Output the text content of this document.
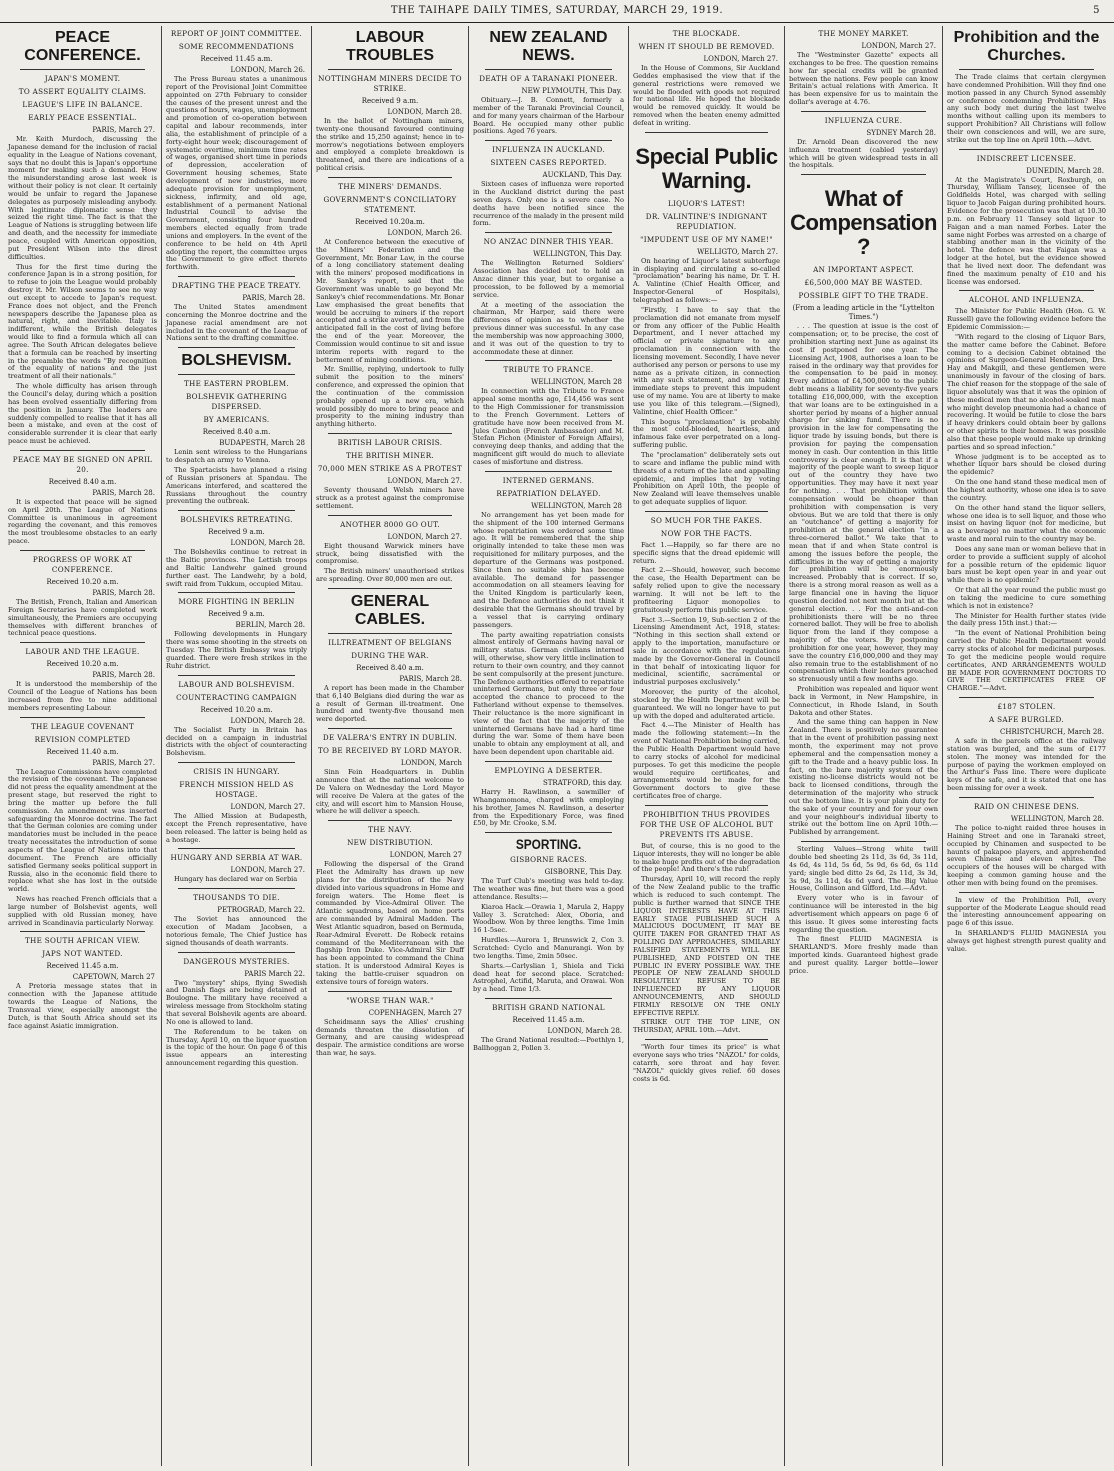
THE TAIHAPE DAILY TIMES, SATURDAY, MARCH 29, 1919.	5
PEACE CONFERENCE.
JAPAN'S MOMENT.
TO ASSERT EQUALITY CLAIMS.
LEAGUE'S LIFE IN BALANCE.
EARLY PEACE ESSENTIAL.
PARIS, March 27.
Mr. Keith Murdoch, discussing the Japanese demand for the inclusion of racial equality in the League of Nations covenant, says that no doubt this is Japan's opportune moment for making such a demand. How the misunderstanding arose last week is without their policy is not clear. It certainly would be unfair to regard the Japanese delegates as purposely misleading anybody. With legitimate diplomatic sense they seized the right time. The fact is that the League of Nations is struggling between life and death, and the necessity for immediate peace, coupled with American opposition, put President Wilson into the direst difficulties.
Thus for the first time during the conference Japan is in a strong position, for to refuse to join the League would probably destroy it. Mr. Wilson seems to see no way out except to accede to Japan's request. France does not object, and the French newspapers describe the Japanese plea as natural, right, and inevitable. Italy is indifferent, while the British delegates would like to find a formula which all can agree. The South African delegates believe that a formula can be reached by inserting in the preamble the words "By recognition of the equality of nations and the just treatment of all their nationals."
The whole difficulty has arisen through the Council's delay, during which a position has been evolved essentially differing from the position in January. The leaders are suddenly compelled to realise that it has all been a mistake, and even at the cost of considerable surrender it is clear that early peace must be achieved.
PEACE MAY BE SIGNED ON APRIL 20.
Received 8.40 a.m.
PARIS, March 28.
It is expected that peace will be signed on April 20th. The League of Nations Committee is unanimous in agreement regarding the covenant, and this removes the most troublesome obstacles to an early peace.
PROGRESS OF WORK AT CONFERENCE.
Received 10.20 a.m.
PARIS, March 28.
The British, French, Italian and American Foreign Secretaries have completed work simultaneously, the Premiers are occupying themselves with different branches of technical peace questions.
LABOUR AND THE LEAGUE.
Received 10.20 a.m.
PARIS, March 28.
It is understood the membership of the Council of the League of Nations has been increased from five to nine additional members representing Labour.
THE LEAGUE COVENANT
REVISION COMPLETED
Received 11.40 a.m.
PARIS, March 27.
The League Commissions have completed the revision of the covenant. The Japanese did not press the equality amendment at the present stage, but reserved the right to bring the matter up before the full commission. An amendment was inserted safeguarding the Monroe doctrine. The fact that the German colonies are coming under mandatories must be included in the peace treaty necessitates the introduction of some aspects of the League of Nations into that document. The French are officially satisfied Germany seeks political support in Russia, also in the economic field there to replace what she has lost in the outside world.
News has reached French officials that a large number of Bolshevist agents, well supplied with old Russian money, have arrived in Scandinavia particularly Norway.
THE SOUTH AFRICAN VIEW.
JAPS NOT WANTED.
Received 11.45 a.m.
CAPETOWN, March 27
A Pretoria message states that in connection with the Japanese attitude towards the League of Nations, the Transvaal view, especially amongst the Dutch, is that South Africa should set its face against Asiatic immigration.
REPORT OF JOINT COMMITTEE.
SOME RECOMMENDATIONS
Received 11.45 a.m.
LONDON, March 26.
The Press Bureau states a unanimous report of the Provisional Joint Committee appointed on 27th February to consider the causes of the present unrest and the questions of hours, wages, unemployment and promotion of co-operation between capital and labour recommends, inter alia, the establishment of principle of a forty-eight hour week; discouragement of systematic overtime, minimum time rates of wages, organised short time in periods of depression, acceleration of Government housing schemes, State development of new industries, more adequate provision for unemployment, sickness, infirmity, and old age, establishment of a permanent National Industrial Council to advise the Government, consisting four hundred members elected equally from trade unions and employers. In the event of the conference to be held on 4th April adopting the report, the committee urges the Government to give effect thereto forthwith.
DRAFTING THE PEACE TREATY.
PARIS, March 28.
The United States amendment concerning the Monroe doctrine and the Japanese racial amendment are not included in the covenant of the League of Nations sent to the drafting committee.
BOLSHEVISM.
THE EASTERN PROBLEM.
BOLSHEVIK GATHERING DISPERSED.
BY AMERICANS.
Received 8.40 a.m.
BUDAPESTH, March 28
Lenin sent wireless to the Hungarians to despatch an army to Vienna.
The Spartacists have planned a rising of Russian prisoners at Spandau. The Americans interfered, and scattered the Russians throughout the country preventing the outbreak.
BOLSHEVIKS RETREATING.
Received 9 a.m.
LONDON, March 28.
The Bolsheviks continue to retreat in the Baltic provinces. The Lettish troops and Baltic Landwehr gained ground further east. The Landwehr, by a bold, swift raid from Tukkum, occupied Mitau.
MORE FIGHTING IN BERLIN
Received 9 a.m.
BERLIN, March 28.
Following developments in Hungary there was some shooting in the streets on Tuesday. The British Embassy was triply guarded. There were fresh strikes in the Ruhr district.
LABOUR AND BOLSHEVISM.
COUNTERACTING CAMPAIGN
Received 10.20 a.m.
LONDON, March 28.
The Socialist Party in Britain has decided on a campaign in industrial districts with the object of counteracting Bolshevism.
CRISIS IN HUNGARY.
FRENCH MISSION HELD AS HOSTAGE.
LONDON, March 27.
The Allied Mission at Budapesth, except the French representative, have been released. The latter is being held as a hostage.
HUNGARY AND SERBIA AT WAR.
LONDON, March 27.
Hungary has declared war on Serbia
THOUSANDS TO DIE.
PETROGRAD, March 22.
The Soviet has announced the execution of Madam Jacobsen, a notorious female, The Chief Justice has signed thousands of death warrants.
DANGEROUS MYSTERIES.
PARIS March 22.
Two "mystery" ships, flying Swedish and Danish flags are being detained at Boulogne. The military have received a wireless message from Stockholm stating that several Bolshevik agents are aboard. No one is allowed to land.
The Referendum to be taken on Thursday, April 10, on the liquor question is the topic of the hour. On page 6 of this issue appears an interesting announcement regarding this question.
LABOUR TROUBLES
NOTTINGHAM MINERS DECIDE TO STRIKE.
Received 9 a.m.
LONDON, March 28.
In the ballot of Nottingham miners, twenty-one thousand favoured continuing the strike and 15,250 against; hence in to-morrow's negotiations between employers and employed a complete breakdown is threatened, and there are indications of a political crisis.
THE MINERS' DEMANDS.
GOVERNMENT'S CONCILIATORY STATEMENT.
Received 10.20a.m.
LONDON, March 26.
At Conference between the executive of the Miners' Federation and the Government, Mr. Bonar Law, in the course of a long conciliatory statement dealing with the miners' proposed modifications in Mr. Sankey's report, said that the Government was unable to go beyond Mr. Sankey's chief recommendations. Mr. Bonar Law emphasised the great benefits that would be accruing to miners if the report accepted and a strike averted, and from the anticipated fall in the cost of living before the end of the year. Moreover, the Commission would continue to sit and issue interim reports with regard to the betterment of mining conditions.
Mr. Smillie, replying, undertook to fully submit the position to the miners' conference, and expressed the opinion that the continuation of the commission probably opened up a new era, which would possibly do more to bring peace and prosperity to the mining industry than anything hitherto.
BRITISH LABOUR CRISIS.
THE BRITISH MINER.
70,000 MEN STRIKE AS A PROTEST
LONDON, March 27.
Seventy thousand Welsh miners have struck as a protest against the compromise settlement.
ANOTHER 8000 GO OUT.
LONDON, March 27.
Eight thousand Warwick miners have struck, being dissatisfied with the compromise.
The British miners' unauthorised strikes are spreading. Over 80,000 men are out.
GENERAL CABLES.
ILLTREATMENT OF BELGIANS
DURING THE WAR.
Received 8.40 a.m.
PARIS, March 28.
A report has been made in the Chamber that 6,140 Belgians died during the war as a result of German ill-treatment. One hundred and twenty-five thousand men were deported.
DE VALERA'S ENTRY IN DUBLIN.
TO BE RECEIVED BY LORD MAYOR.
LONDON, March
Sinn Fein Headquarters in Dublin announce that at the national welcome to De Valera on Wednesday the Lord Mayor will receive De Valera at the gates of the city, and will escort him to Mansion House, where he will deliver a speech.
THE NAVY.
NEW DISTRIBUTION.
LONDON, March 27
Following the dispersal of the Grand Fleet the Admiralty has drawn up new plans for the distribution of the Navy divided into various squadrons in Home and foreign waters. The Home fleet is commanded by Vice-Admiral Oliver. The Atlantic squadrons, based on home ports are commanded by Admiral Madden. The West Atlantic squadron, based on Bermuda, Rear-Admiral Everett. De Robeck retains command of the Mediterranean with the flagship Iron Duke. Vice-Admiral Sir Duff has been appointed to command the China station. It is understood Admiral Keyes is taking the battle-cruiser squadron on extensive tours of foreign waters.
"WORSE THAN WAR."
COPENHAGEN, March 27
Scheidmann says the Allies' crushing demands threaten the dissolution of Germany, and are causing widespread despair. The armistice conditions are worse than war, he says.
NEW ZEALAND NEWS.
DEATH OF A TARANAKI PIONEER.
NEW PLYMOUTH, This Day.
Obituary.—J. B. Connett, formerly a member of the Taranaki Provincial Council, and for many years chairman of the Harbour Board. He occupied many other public positions. Aged 76 years.
INFLUENZA IN AUCKLAND.
SIXTEEN CASES REPORTED.
AUCKLAND, This Day.
Sixteen cases of influenza were reported in the Auckland district during the past seven days. Only one is a severe case. No deaths have been notified since the recurrence of the malady in the present mild form.
NO ANZAC DINNER THIS YEAR.
WELLINGTON, This Day.
The Wellington Returned Soldiers' Association has decided not to hold an Anzac dinner this year, but to organise a procession, to be followed by a memorial service.
At a meeting of the association the chairman, Mr Harper, said there were differences of opinion as to whether the previous dinner was successful. In any case the membership was now approaching 3000, and it was out of the question to try to accommodate these at dinner.
TRIBUTE TO FRANCE.
WELLINGTON, March 28
In connection with the Tribute to France appeal some months ago, £14,456 was sent to the High Commissioner for transmission to the French Government. Letters of gratitude have now been received from M. Jules Cambon (French Ambassador) and M. Stefan Pichon (Minister of Foreign Affairs), conveying deep thanks, and adding that the magnificent gift would do much to alleviate cases of misfortune and distress.
INTERNED GERMANS.
REPATRIATION DELAYED.
WELLINGTON, March 28
No arrangement has yet been made for the shipment of the 100 interned Germans whose repatriation was ordered some time ago. It will be remembered that the ship originally intended to take these men was requisitioned for military purposes, and the departure of the Germans was postponed. Since then no suitable ship has become available. The demand for passenger accommodation on all steamers leaving for the United Kingdom is particularly keen, and the Defence authorities do not think it desirable that the Germans should travel by a vessel that is carrying ordinary passengers.
The party awaiting repatriation consists almost entirely of Germans having naval or military status. German civilians interned will, otherwise, show very little inclination to return to their own country, and they cannot be sent compulsorily at the present juncture. The Defence authorities offered to repatriate uninterned Germans, but only three or four accepted the chance to proceed to the Fatherland without expense to themselves. Their reluctance is the more significant in view of the fact that the majority of the uninterned Germans have had a hard time during the war. Some of them have been unable to obtain any employment at all, and have been dependent upon charitable aid.
EMPLOYING A DESERTER.
STRATFORD, this day.
Harry H. Rawlinson, a sawmiller of Whangamomona, charged with employing his brother, James N. Rawlinson, a deserter from the Expeditionary Force, was fined £50, by Mr. Crooke, S.M.
SPORTING.
GISBORNE RACES.
GISBORNE, This Day.
The Turf Club's meeting was held to-day. The weather was fine, but there was a good attendance. Results:—
Kiaroa Hack.—Orawia 1, Marula 2, Happy Valley 3. Scratched: Alex, Oboria, and Woodbow. Won by three lengths. Time 1min 16 1-5sec.
Hurdles.—Aurora 1, Brunswick 2, Con 3. Scratched: Cyclo and Manurangi. Won by two lengths. Time, 2min 50sec.
Sharts.—Carlyslian 1, Shiela and Ticki dead heat for second place. Scratched: Astrophel, Actifid, Maruta, and Orawai. Won by a head. Time 1/3.
BRITISH GRAND NATIONAL
Received 11.45 a.m.
LONDON, March 28.
The Grand National resulted:—Poethlyn 1, Ballhoggan 2, Pollen 3.
THE BLOCKADE.
WHEN IT SHOULD BE REMOVED.
LONDON, March 27.
In the House of Commons, Sir Auckland Geddes emphasised the view that if the general restrictions were removed we would be flooded with goods not required for national life. He hoped the blockade would be removed quickly. It would be removed when the beaten enemy admitted defeat in writing.
Special Public Warning.
LIQUOR'S LATEST!
DR. VALINTINE'S INDIGNANT REPUDIATION.
"IMPUDENT USE OF MY NAME!"
WELLIGTO, March 27.
On hearing of Liquor's latest subterfuge in displaying and circulating a so-called "proclamation" bearing his name, Dr. T. H. A. Valintine (Chief Health Officer, and Inspector-General of Hospitals), telegraphed as follows:—
"Firstly, I have to say that the proclamation did not emanate from myself or from any officer of the Public Health Department, and I never attached my official or private signature to any proclamation in connection with the licensing movement. Secondly, I have never authorised any person or persons to use my name as a private citizen, in connection with any such statement, and am taking immediate steps to prevent this impudent use of my name. You are at liberty to make use you like of this telegram.—(Signed), Valintine, chief Health Officer."
This bogus "proclamation" is probably the most cold-blooded, heartless, and infamous fake ever perpetrated on a long-suffering public.
The "proclamation" deliberately sets out to scare and inflame the public mind with threats of a return of the late and appalling epidemic, and implies that by voting Prohibition on April 10th, the people of New Zealand will leave themselves unable to get adequate supplies of liquor.
SO MUCH FOR THE FAKES.
NOW FOR THE FACTS.
Fact 1.—Happily, so far there are no specific signs that the dread epidemic will return.
Fact 2.—Should, however, such become the case, the Health Department can be safely relied upon to give the necessary warning. It will not be left to the profiteering Liquor monopolies to gratuitously perform this public service.
Fact 3.—Section 19, Sub-section 2 of the Licensing Amendment Act, 1918, states: "Nothing in this section shall extend or apply to the importation, manufacture or sale in accordance with the regulations made by the Governor-General in Council in that behalf of intoxicating liquor for medicinal, scientific, sacramental or industrial purposes exclusively."
Moreover, the purity of the alcohol, stocked by the Health Department will be guaranteed. We will no longer have to put up with the doped and adulterated article.
Fact 4.—The Minister of Health has made the following statement:—In the event of National Prohibition being carried, the Public Health Department would have to carry stocks of alcohol for medicinal purposes. To get this medicine the people would require certificates, and arrangements would be made for the Government doctors to give these certificates free of charge.
PROHIBITION THUS PROVIDES FOR THE USE OF ALCOHOL BUT PREVENTS ITS ABUSE.
But, of course, this is no good to the Liquor interests, they will no longer be able to make huge profits out of the degradation of the people! And there's the rub!
Thursday, April 10, will record the reply of the New Zealand public to the traffic which is reduced to such contempt. The public is further warned that SINCE THE LIQUOR INTERESTS HAVE AT THIS EARLY STAGE PUBLISHED SUCH A MALICIOUS DOCUMENT, IT MAY BE QUITE TAKEN FOR GRANTED THAT AS POLLING DAY APPROACHES, SIMILARLY FALSIFIED STATEMENTS WILL BE PUBLISHED, AND FOISTED ON THE PUBLIC IN EVERY POSSIBLE WAY. THE PEOPLE OF NEW ZEALAND SHOULD RESOLUTELY REFUSE TO BE INFLUENCED BY ANY LIQUOR ANNOUNCEMENTS, AND SHOULD FIRMLY RESOLVE ON THE ONLY EFFECTIVE REPLY.
STRIKE OUT THE TOP LINE, ON THURSDAY, APRIL 10th.—Advt.
"Worth four times its price" is what everyone says who tries "NAZOL" for colds, catarrh, sore throat and hay fever. "NAZOL" quickly gives relief. 60 doses costs is 6d.
THE MONEY MARKET.
LONDON, March 27.
The "Westminster Gazette" expects all exchanges to be free. The question remains how far special credits will be granted between the nations. Few people can know Britain's actual relations with America. It has been expensive for us to maintain the dollar's average at 4.76.
INFLUENZA CURE.
SYDNEY March 28.
Dr. Arnold Dean discovered the new influenza treatment (cabled yesterday) which will be given widespread tests in all the hospitals.
What of Compensation ?
AN IMPORTANT ASPECT.
£6,500,000 MAY BE WASTED.
POSSIBLE GIFT TO THE TRADE.
(From a leading article in the "Lyttelton Times.")
. . . The question at issue is the cost of compensation; or, to be precise, the cost of prohibition starting next June as against its cost if postponed for one year. The Licensing Act, 1908, authorises a loan to be raised in the ordinary way that provides for the compensation to be paid in money. Every addition of £4,500,000 to the public debt means a liability for seventy-five years totalling £16,000,000, with the exception that war loans are to be extinguished in a shorter period by means of a higher annual charge for sinking fund. There is no provision in the law for compensating the liquor trade by issuing bonds, but there is provision for paying the compensation money in cash. Our contention in this little controversy is clear enough. It is that if a majority of the people want to sweep liquor out of the country they have two opportunities. They may have it next year for nothing. . . That prohibition without compensation would be cheaper than prohibition with compensation is very obvious. But we are told that there is only an "outchance" of getting a majority for prohibition at the general election "in a three-cornered ballot." We take that to mean that if and when State control is among the issues before the people, the difficulties in the way of getting a majority for prohibition will be enormously increased. Probably that is correct. If so, there is a strong moral reason as well as a large financial one in having the liquor question decided not next month but at the general election. . . For the anti-and-con prohibitionists there will be no three cornered ballot. They will be free to abolish liquor from the land if they compose a majority of the voters. By postponing prohibition for one year, however, they may save the country £16,000,000 and they may also remain true to the establishment of no compensation which their leaders preached so strenuously until a few months ago.
Prohibition was repealed and liquor went back in Vermont, in New Hampshire, in Connecticut, in Rhode Island, in South Dakota and other States.
And the same thing can happen in New Zealand. There is positively no guarantee that in the event of prohibition passing next month, the experiment may not prove ephemeral and the compensation money a gift to the Trade and a heavy public loss. In fact, on the bare majority system of the existing no-license districts would not be back to licensed conditions, through the determination of the majority who struck out the bottom line. It is your plain duty for the sake of your country and for your own and your neighbour's individual liberty to strike out the bottom line on April 10th.—Published by arrangement.
Sterling Values—Strong white twill double bed sheeting 2s 11d, 3s 6d, 3s 11d, 4s 6d, 4s 11d, 5s 6d, 5s 9d, 6s 6d, 6s 11d yard; single bed ditto 2s 6d, 2s 11d, 3s 3d, 3s 9d, 3s 11d, 4s 6d yard. The Big Value House, Collinson and Gifford, Ltd.—Advt.
Every voter who is in favour of continuance will be interested in the big advertisement which appears on page 6 of this issue. It gives some interesting facts regarding the question.
The finest FLUID MAGNESIA is SHARLAND'S. More freshly made than imported kinds. Guaranteed highest grade and purest quality. Larger bottle—lower price.
Prohibition and the Churches.
The Trade claims that certain clergymen have condemned Prohibition. Will they find one motion passed in any Church Synod assembly or conference condemning Prohibition? Has any such body met during the last twelve months without calling upon its members to support Prohibition? All Christians will follow their own consciences and will, we are sure, strike out the top line on April 10th.—Advt.
INDISCREET LICENSEE.
DUNEDIN, March 28.
At the Magistrate's Court, Roxburgh, on Thursday, William Tansey, licensee of the Goldfields Hotel, was charged with selling liquor to Jacob Faigan during prohibited hours. Evidence for the prosecution was that at 10.30 p.m. on February 11 Tansey sold liquor to Faigan and a man named Forbes. Later the same night Forbes was arrested on a charge of stabbing another man in the vicinity of the hotel. The defence was that Faigan was a lodger at the hotel, but the evidence showed that he lived next door. The defendant was fined the maximum penalty of £10 and his license was endorsed.
ALCOHOL AND INFLUENZA.
The Minister for Public Health (Hon. G. W. Russell) gave the following evidence before the Epidemic Commission:—
"With regard to the closing of Liquor Bars, the matter came before the Cabinet. Before coming to a decision Cabinet obtained the opinions of Surgeon-General Henderson, Drs. Hay and Makgill, and these gentlemen were unanimously in favour of the closing of bars. The chief reason for the stoppage of the sale of liquor absolutely was that it was the opinion of these medical men that no alcohol-soaked man who might develop pneumonia had a chance of recovering. It would be futile to close the bars if heavy drinkers could obtain beer by gallons or other spirits to their homes. It was possible also that these people would make up drinking parties and so spread infection."
Whose judgment is to be accepted as to whether liquor bars should be closed during the epidemic?
On the one hand stand these medical men of the highest authority, whose one idea is to save the country.
On the other hand stand the liquor sellers, whose one idea is to sell liquor, and those who insist on having liquor (not for medicine, but as a beverage) no matter what the economic waste and moral ruin to the country may be.
Does any sane man or woman believe that in order to provide a sufficient supply of alcohol for a possible return of the epidemic liquor bars must be kept open year in and year out while there is no epidemic?
Or that all the year round the public must go on taking the medicine to cure something which is not in existence?
The Minister for Health further states (vide the daily press 15th inst.) that:—
"In the event of National Prohibition being carried the Public Health Department would carry stocks of alcohol for medicinal purposes. To get the medicine people would require certificates, AND ARRANGEMENTS WOULD BE MADE FOR GOVERNMENT DOCTORS TO GIVE THE CERTIFICATES FREE OF CHARGE."—Advt.
£187 STOLEN.
A SAFE BURGLED.
CHRISTCHURCH, March 28.
A safe in the parcels office at the railway station was burgled, and the sum of £177 stolen. The money was intended for the purpose of paying the workmen employed on the Arthur's Pass line. There were duplicate keys of the safe, and it is stated that one has been missing for over a week.
RAID ON CHINESE DENS.
WELLINGTON, March 28.
The police to-night raided three houses in Haining Street and one in Taranaki street, occupied by Chinamen and suspected to be haunts of pakapoo players, and apprehended seven Chinese and eleven whites. The occupiers of the houses will be charged with keeping a common gaming house and the other men with being found on the premises.
In view of the Prohibition Poll, every supporter of the Moderate League should read the interesting announcement appearing on page 6 of this issue.
In SHARLAND'S FLUID MAGNESIA you always get highest strength purest quality and value.
